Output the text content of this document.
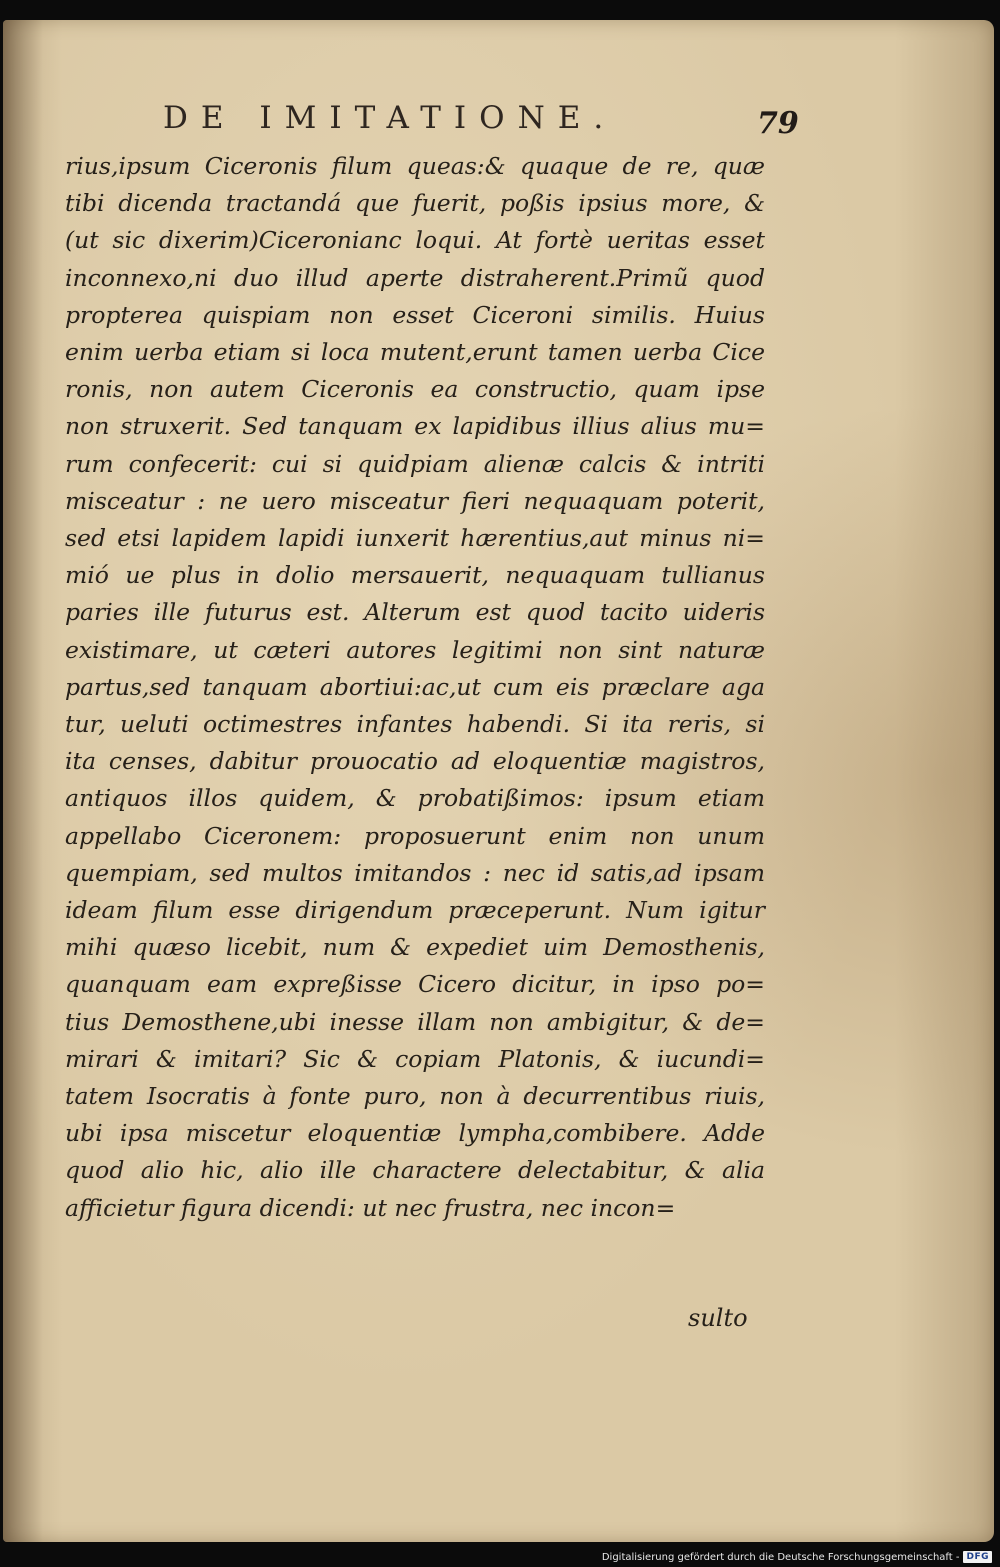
DE IMITATIONE.	79
rius,ipsum Ciceronis filum queas:& quaque de re, quæ
tibi dicenda tractandá que fuerit, poßis ipsius more, &
(ut sic dixerim)Ciceronianc loqui. At fortè ueritas esset
inconnexo,ni duo illud aperte distraherent.Primũ quod
propterea quispiam non esset Ciceroni similis. Huius
enim uerba etiam si loca mutent,erunt tamen uerba Cice
ronis, non autem Ciceronis ea constructio, quam ipse
non struxerit. Sed tanquam ex lapidibus illius alius mu=
rum confecerit: cui si quidpiam alienæ calcis & intriti
misceatur : ne uero misceatur fieri nequaquam poterit,
sed etsi lapidem lapidi iunxerit hærentius,aut minus ni=
mió ue plus in dolio mersauerit, nequaquam tullianus
paries ille futurus est. Alterum est quod tacito uideris
existimare, ut cæteri autores legitimi non sint naturæ
partus,sed tanquam abortiui:ac,ut cum eis præclare aga
tur, ueluti octimestres infantes habendi. Si ita reris, si
ita censes, dabitur prouocatio ad eloquentiæ magistros,
antiquos illos quidem, & probatißimos: ipsum etiam
appellabo Ciceronem: proposuerunt enim non unum
quempiam, sed multos imitandos : nec id satis,ad ipsam
ideam filum esse dirigendum præceperunt. Num igitur
mihi quæso licebit, num & expediet uim Demosthenis,
quanquam eam expreßisse Cicero dicitur, in ipso po=
tius Demosthene,ubi inesse illam non ambigitur, & de=
mirari & imitari? Sic & copiam Platonis, & iucundi=
tatem Isocratis à fonte puro, non à decurrentibus riuis,
ubi ipsa miscetur eloquentiæ lympha,combibere. Adde
quod alio hic, alio ille charactere delectabitur, & alia
afficietur figura dicendi: ut nec frustra, nec incon=
sulto
Digitalisierung gefördert durch die Deutsche Forschungsgemeinschaft - DFG
